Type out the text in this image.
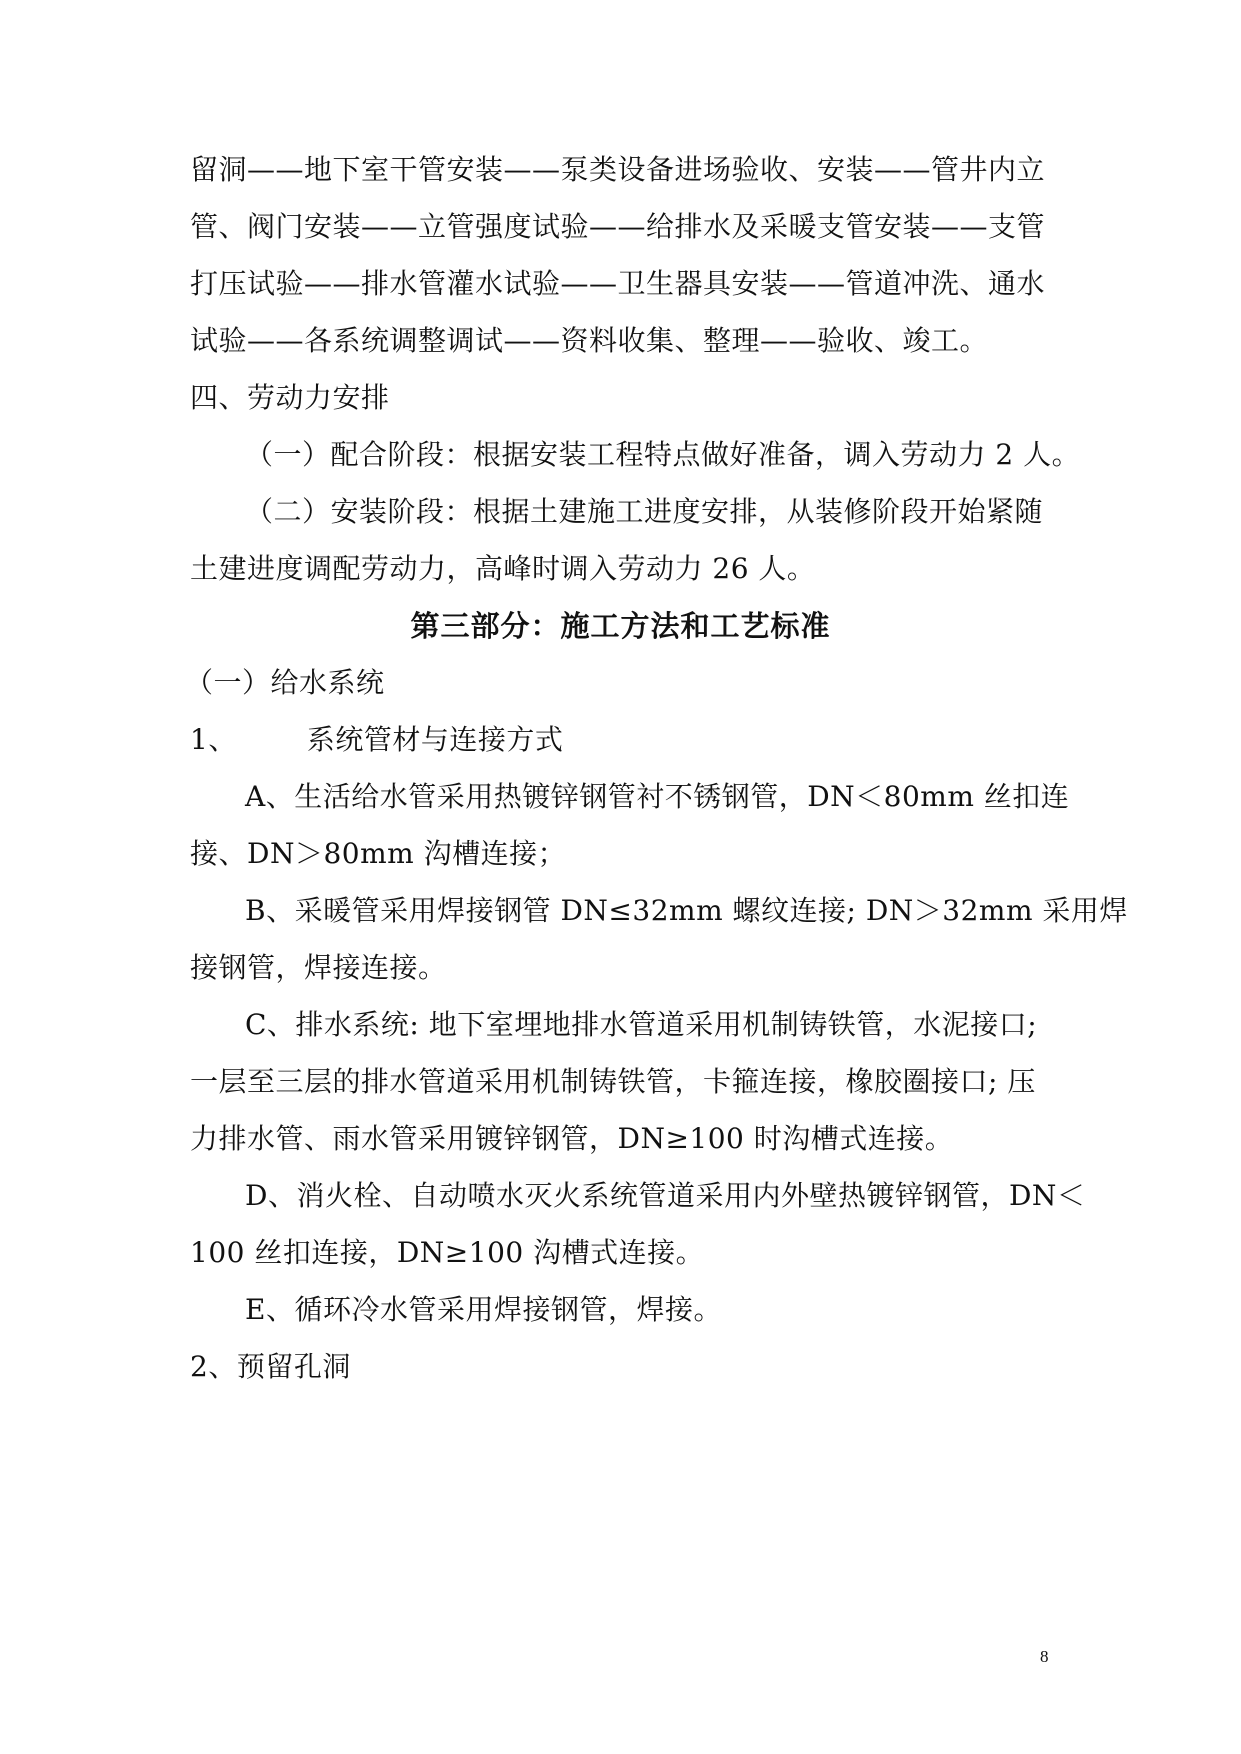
留洞——地下室干管安装——泵类设备进场验收、安装——管井内立
管、阀门安装——立管强度试验——给排水及采暖支管安装——支管
打压试验——排水管灌水试验——卫生器具安装——管道冲洗、通水
试验——各系统调整调试——资料收集、整理——验收、竣工。
四、劳动力安排
（一）配合阶段：根据安装工程特点做好准备，调入劳动力 2 人。
（二）安装阶段：根据土建施工进度安排，从装修阶段开始紧随
土建进度调配劳动力，高峰时调入劳动力 26 人。
第三部分：施工方法和工艺标准
（一）给水系统
1、	系统管材与连接方式
A、生活给水管采用热镀锌钢管衬不锈钢管，DN＜80mm 丝扣连
接、DN＞80mm 沟槽连接；
B、采暖管采用焊接钢管 DN≤32mm 螺纹连接; DN＞32mm 采用焊
接钢管，焊接连接。
C、排水系统: 地下室埋地排水管道采用机制铸铁管，水泥接口;
一层至三层的排水管道采用机制铸铁管，卡箍连接，橡胶圈接口; 压
力排水管、雨水管采用镀锌钢管，DN≥100 时沟槽式连接。
D、消火栓、自动喷水灭火系统管道采用内外壁热镀锌钢管，DN＜
100 丝扣连接，DN≥100 沟槽式连接。
E、循环冷水管采用焊接钢管，焊接。
2、预留孔洞
8
